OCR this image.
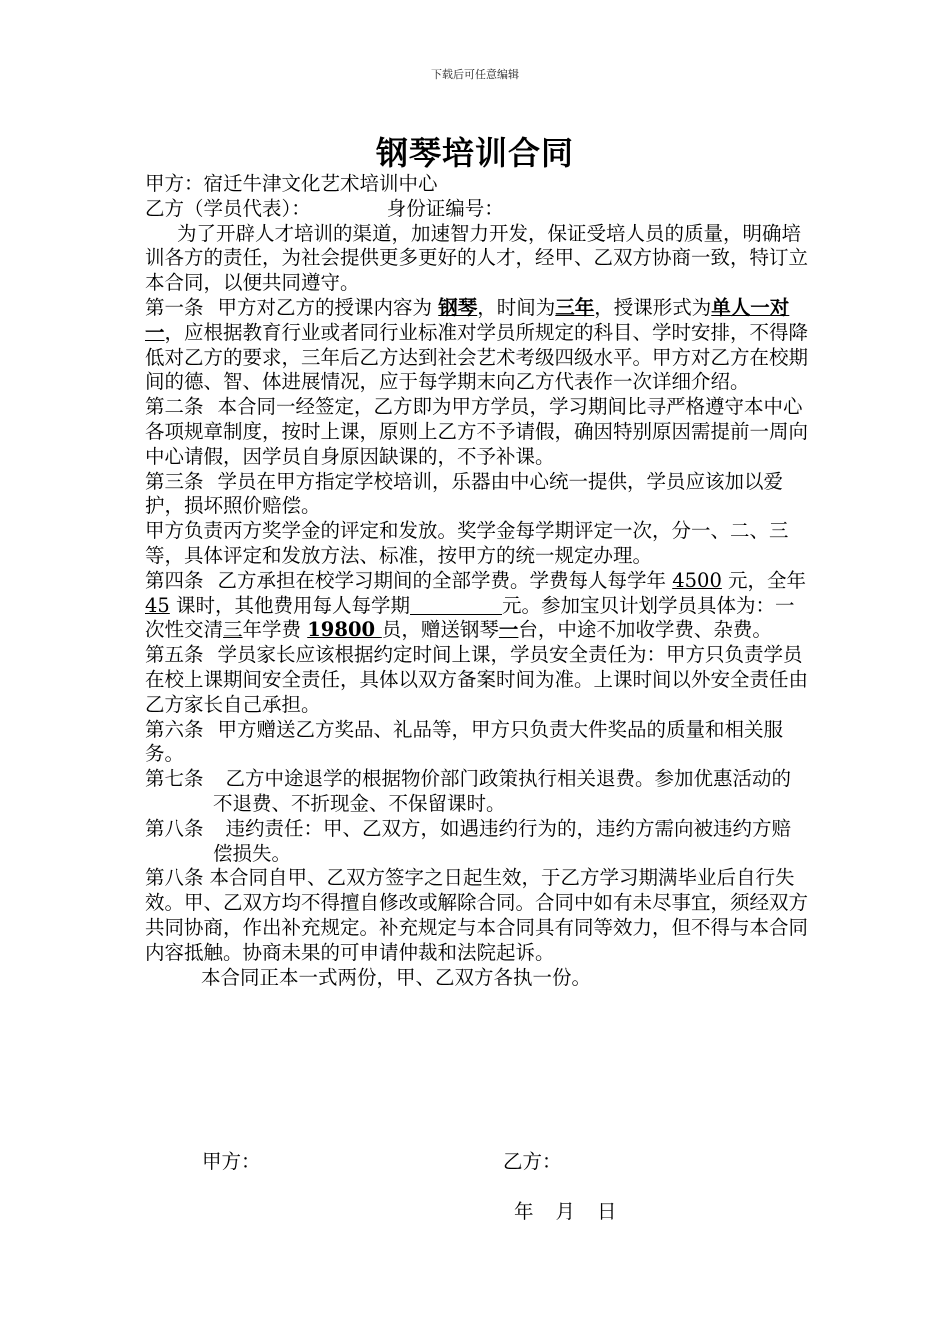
下载后可任意编辑
钢琴培训合同

甲方：宿迁牛津文化艺术培训中心

乙方（学员代表）：	身份证编号：

为了开辟人才培训的渠道，加速智力开发，保证受培人员的质量，明确培训各方的责任，为社会提供更多更好的人才，经甲、乙双方协商一致，特订立本合同，以便共同遵守。

第一条 甲方对乙方的授课内容为 钢琴，时间为三年，授课形式为单人一对一，应根据教育行业或者同行业标准对学员所规定的科目、学时安排，不得降低对乙方的要求，三年后乙方达到社会艺术考级四级水平。甲方对乙方在校期间的德、智、体进展情况，应于每学期末向乙方代表作一次详细介绍。

第二条 本合同一经签定，乙方即为甲方学员，学习期间比寻严格遵守本中心各项规章制度，按时上课，原则上乙方不予请假，确因特别原因需提前一周向中心请假，因学员自身原因缺课的，不予补课。

第三条 学员在甲方指定学校培训，乐器由中心统一提供，学员应该加以爱护，损坏照价赔偿。

甲方负责丙方奖学金的评定和发放。奖学金每学期评定一次，分一、二、三等，具体评定和发放方法、标准，按甲方的统一规定办理。

第四条 乙方承担在校学习期间的全部学费。学费每人每学年 4500 元，全年 45 课时，其他费用每人每学期	元。参加宝贝计划学员具体为：一次性交清三年学费 19800 员，赠送钢琴一台，中途不加收学费、杂费。

第五条 学员家长应该根据约定时间上课，学员安全责任为：甲方只负责学员在校上课期间安全责任，具体以双方备案时间为准。上课时间以外安全责任由乙方家长自己承担。

第六条 甲方赠送乙方奖品、礼品等，甲方只负责大件奖品的质量和相关服务。

第七条 乙方中途退学的根据物价部门政策执行相关退费。参加优惠活动的不退费、不折现金、不保留课时。

第八条 违约责任：甲、乙双方，如遇违约行为的，违约方需向被违约方赔偿损失。

第八条 本合同自甲、乙双方签字之日起生效，于乙方学习期满毕业后自行失效。甲、乙双方均不得擅自修改或解除合同。合同中如有未尽事宜，须经双方共同协商，作出补充规定。补充规定与本合同具有同等效力，但不得与本合同内容抵触。协商未果的可申请仲裁和法院起诉。

本合同正本一式两份，甲、乙双方各执一份。

甲方：	乙方：
年 月 日
